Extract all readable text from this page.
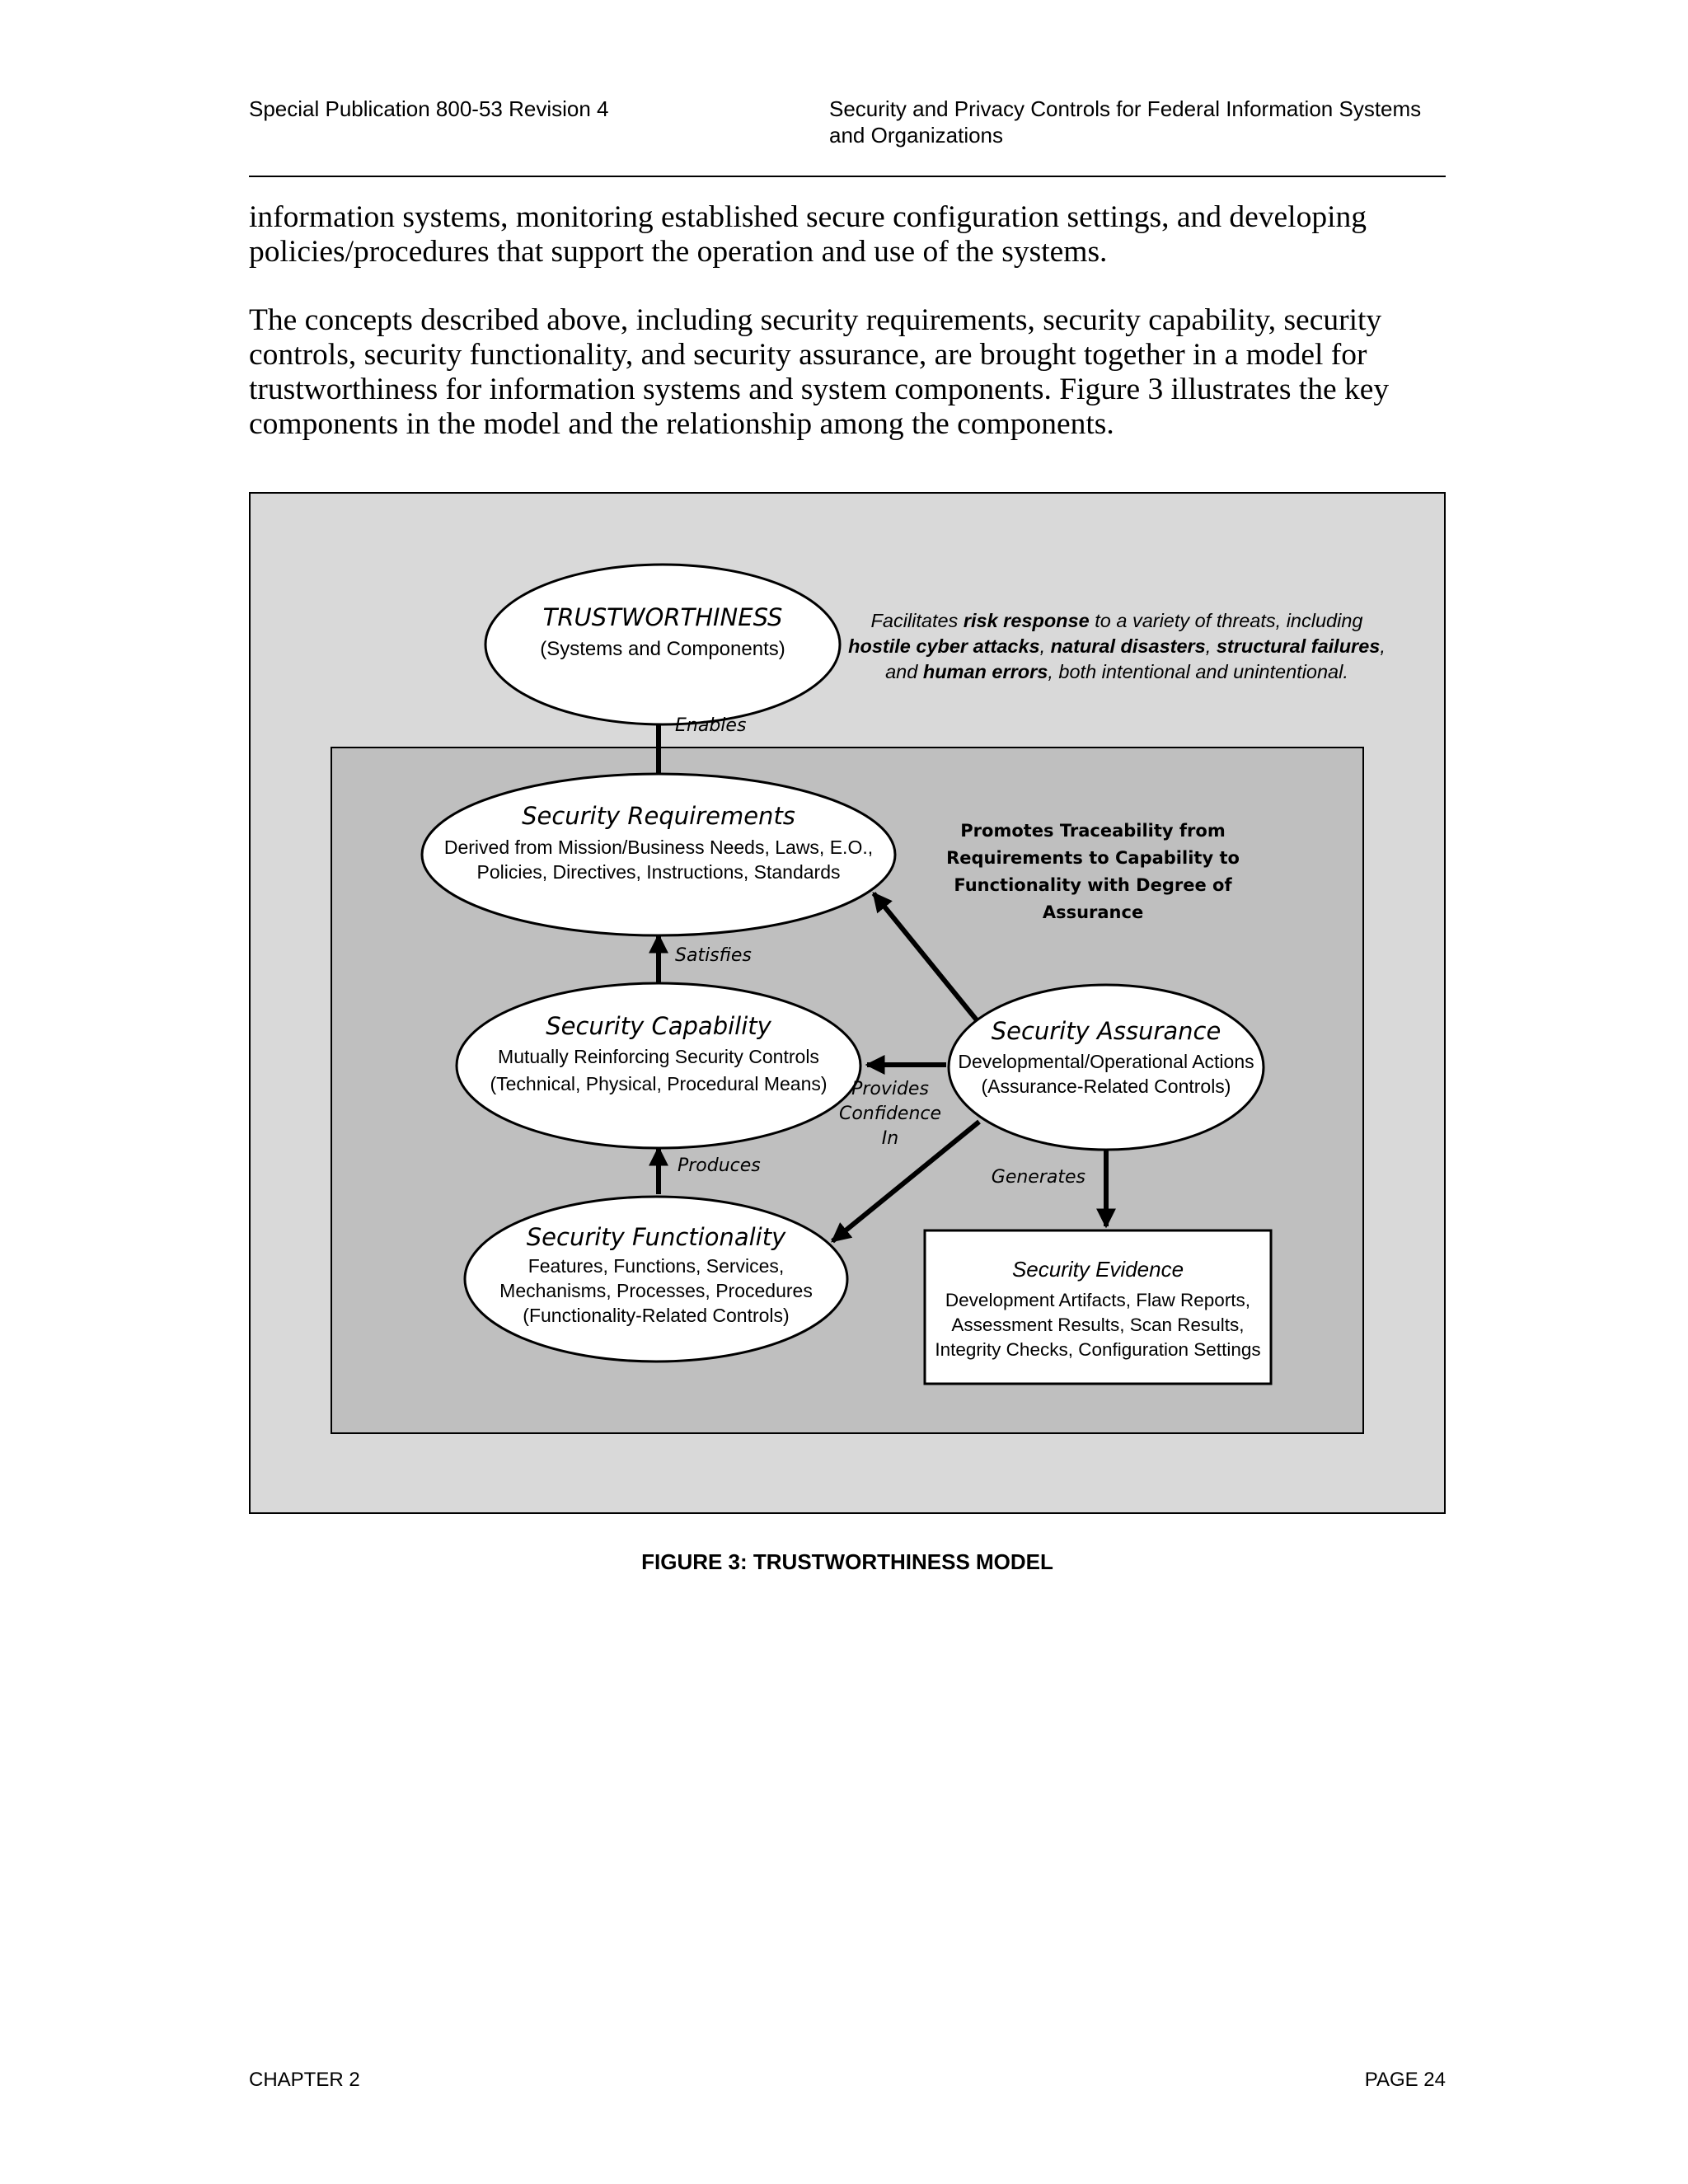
Special Publication 800-53 Revision 4	Security and Privacy Controls for Federal Information Systems
and Organizations

information systems, monitoring established secure configuration settings, and developing policies/procedures that support the operation and use of the systems.

The concepts described above, including security requirements, security capability, security controls, security functionality, and security assurance, are brought together in a model for trustworthiness for information systems and system components. Figure 3 illustrates the key components in the model and the relationship among the components.

TRUSTWORTHINESS
(Systems and Components)
Facilitates risk response to a variety of threats, including
hostile cyber attacks, natural disasters, structural failures,
and human errors, both intentional and unintentional.
Enables
Security Requirements
Derived from Mission/Business Needs, Laws, E.O.,
Policies, Directives, Instructions, Standards
Promotes Traceability from
Requirements to Capability to
Functionality with Degree of
Assurance
Satisfies
Security Capability
Mutually Reinforcing Security Controls
(Technical, Physical, Procedural Means)
Security Assurance
Developmental/Operational Actions
(Assurance-Related Controls)
Provides
Confidence
In
Produces
Generates
Security Functionality
Features, Functions, Services,
Mechanisms, Processes, Procedures
(Functionality-Related Controls)
Security Evidence
Development Artifacts, Flaw Reports,
Assessment Results, Scan Results,
Integrity Checks, Configuration Settings
FIGURE 3: TRUSTWORTHINESS MODEL
CHAPTER 2	PAGE 24
